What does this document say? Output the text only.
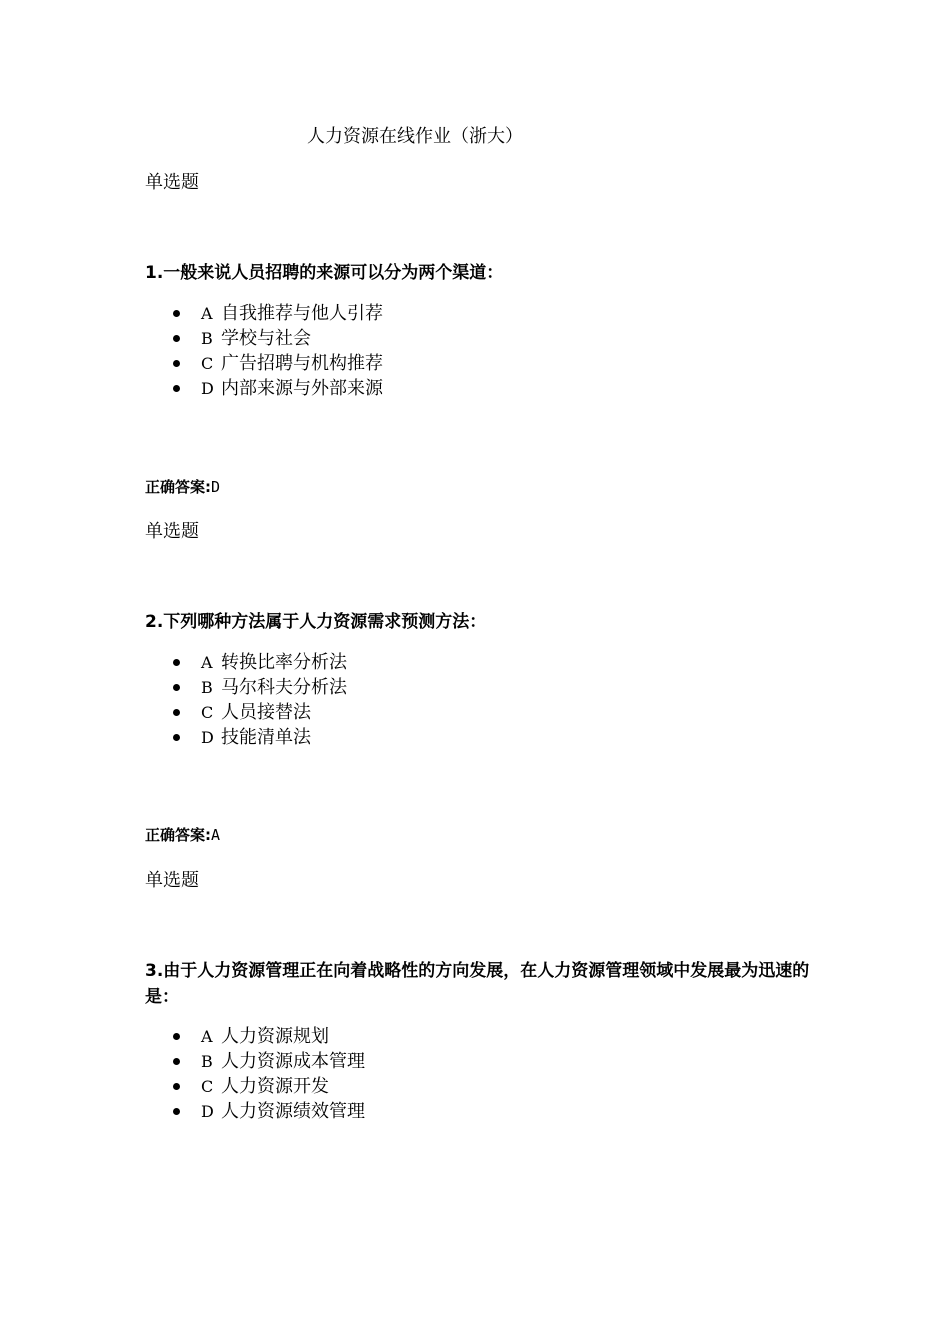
人力资源在线作业（浙大）
单选题
1.一般来说人员招聘的来源可以分为两个渠道：
A 自我推荐与他人引荐
B 学校与社会
C 广告招聘与机构推荐
D 内部来源与外部来源
正确答案:D
单选题
2.下列哪种方法属于人力资源需求预测方法：
A 转换比率分析法
B 马尔科夫分析法
C 人员接替法
D 技能清单法
正确答案:A
单选题
3.由于人力资源管理正在向着战略性的方向发展，在人力资源管理领域中发展最为迅速的是：
A 人力资源规划
B 人力资源成本管理
C 人力资源开发
D 人力资源绩效管理
